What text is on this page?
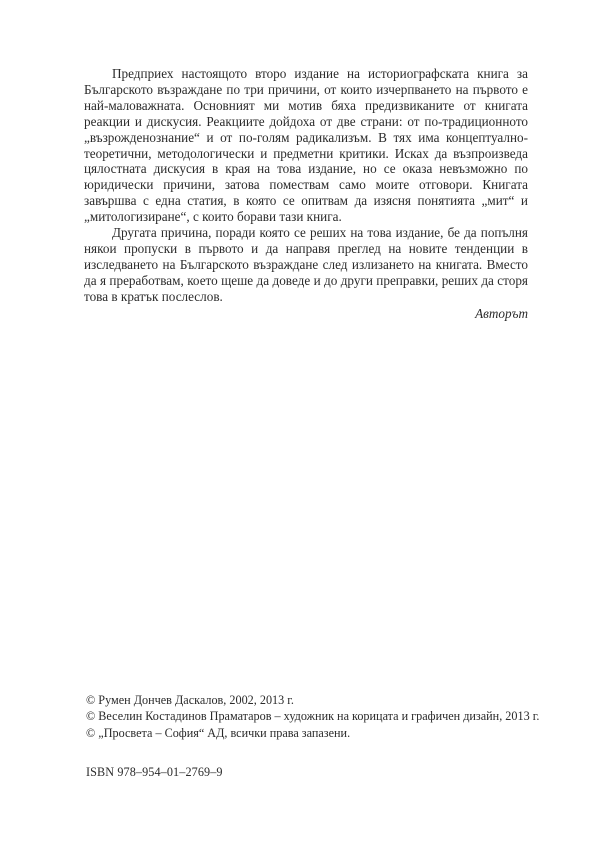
Предприех настоящото второ издание на историографската книга за Българското възраждане по три причини, от които изчерпването на първото е най-маловажната. Основният ми мотив бяха предизвиканите от книгата реакции и дискусия. Реакциите дойдоха от две страни: от по-традиционното „възрожденознание“ и от по-голям радикализъм. В тях има концептуално-теоретични, методологически и предметни критики. Исках да възпроизведа цялостната дискусия в края на това издание, но се оказа невъзможно по юридически причини, затова помествам само моите отговори. Книгата завършва с една статия, в която се опитвам да изясня понятията „мит“ и „митологизиране“, с които борави тази книга.

Другата причина, поради която се реших на това издание, бе да попълня някои пропуски в първото и да направя преглед на новите тенденции в изследването на Българското възраждане след излизането на книгата. Вместо да я преработвам, което щеше да доведе и до други преправки, реших да сторя това в кратък послеслов.

Авторът
© Румен Дончев Даскалов, 2002, 2013 г.
© Веселин Костадинов Праматаров – художник на корицата и графичен дизайн, 2013 г.
© „Просвета – София“ АД, всички права запазени.
ISBN 978–954–01–2769–9
